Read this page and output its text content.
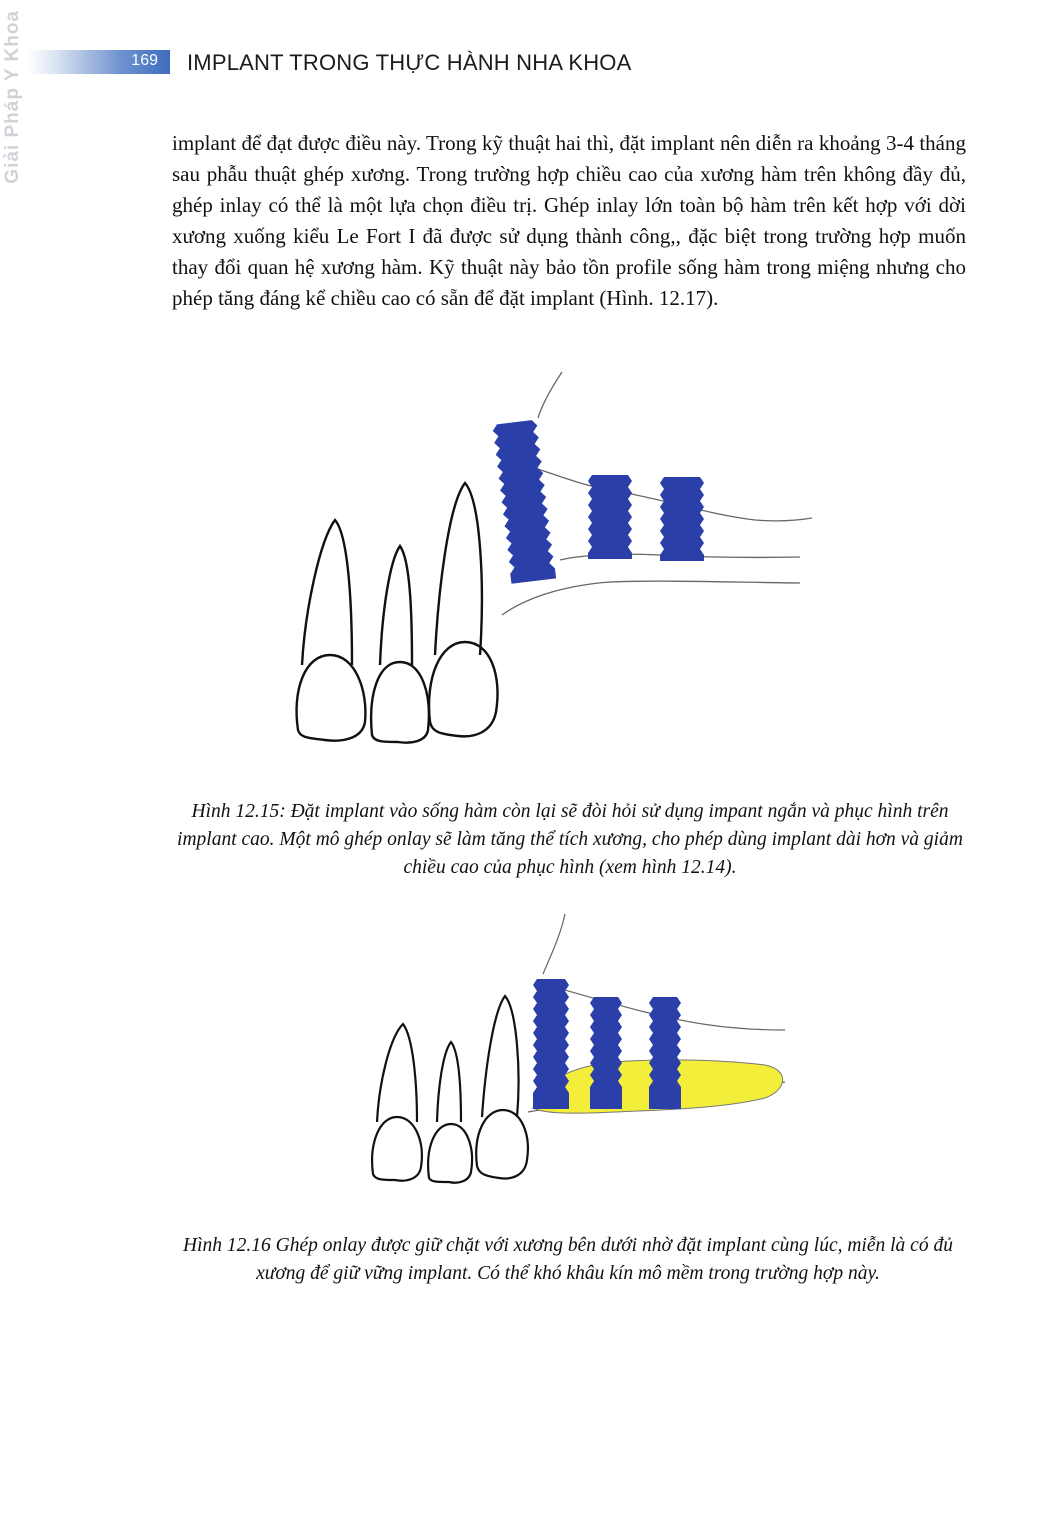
Giải Pháp Y Khoa	169 IMPLANT TRONG THỰC HÀNH NHA KHOA

implant để đạt được điều này. Trong kỹ thuật hai thì, đặt implant nên diễn ra khoảng 3-4 tháng sau phẫu thuật ghép xương. Trong trường hợp chiều cao của xương hàm trên không đầy đủ, ghép inlay có thể là một lựa chọn điều trị. Ghép inlay lớn toàn bộ hàm trên kết hợp với dời xương xuống kiểu Le Fort I đã được sử dụng thành công,, đặc biệt trong trường hợp muốn thay đổi quan hệ xương hàm. Kỹ thuật này bảo tồn profile sống hàm trong miệng nhưng cho phép tăng đáng kể chiều cao có sẵn để đặt implant (Hình. 12.17).

Hình 12.15: Đặt implant vào sống hàm còn lại sẽ đòi hỏi sử dụng impant ngắn và phục hình trên implant cao. Một mô ghép onlay sẽ làm tăng thể tích xương, cho phép dùng implant dài hơn và giảm chiều cao của phục hình (xem hình 12.14).

Hình 12.16 Ghép onlay được giữ chặt với xương bên dưới nhờ đặt implant cùng lúc, miễn là có đủ xương để giữ vững implant. Có thể khó khâu kín mô mềm trong trường hợp này.
